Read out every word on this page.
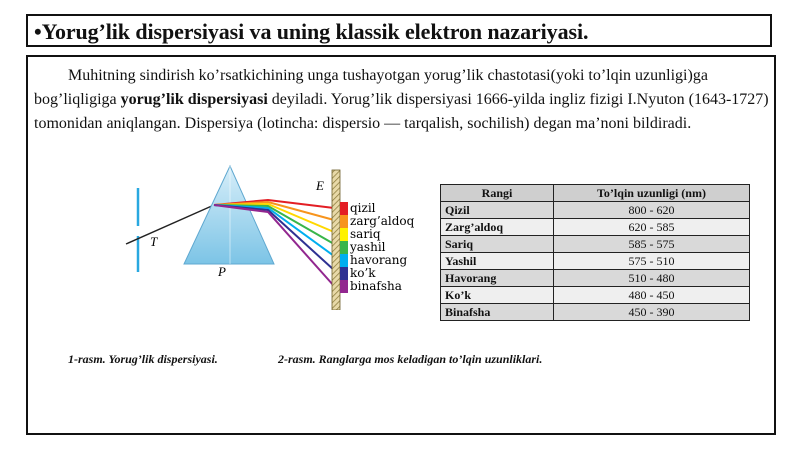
•Yorug’lik dispersiyasi va uning klassik elektron nazariyasi.
Muhitning sindirish ko’rsatkichining unga tushayotgan yorug’lik chastotasi(yoki to’lqin uzunligi)ga bog’liqligiga yorug’lik dispersiyasi deyiladi. Yorug’lik dispersiyasi 1666-yilda ingliz fizigi I.Nyuton (1643-1727) tomonidan aniqlangan. Dispersiya (lotincha: dispersio — tarqalish, sochilish) degan ma’noni bildiradi.
T
P
E
qizil
zarg’aldoq
sariq
yashil
havorang
ko’k
binafsha
Rangi	To’lqin uzunligi (nm)
Qizil	800 - 620
Zarg’aldoq	620 - 585
Sariq	585 - 575
Yashil	575 - 510
Havorang	510 - 480
Ko’k	480 - 450
Binafsha	450 - 390
1-rasm. Yorug’lik dispersiyasi.	2-rasm. Ranglarga mos keladigan to’lqin uzunliklari.
